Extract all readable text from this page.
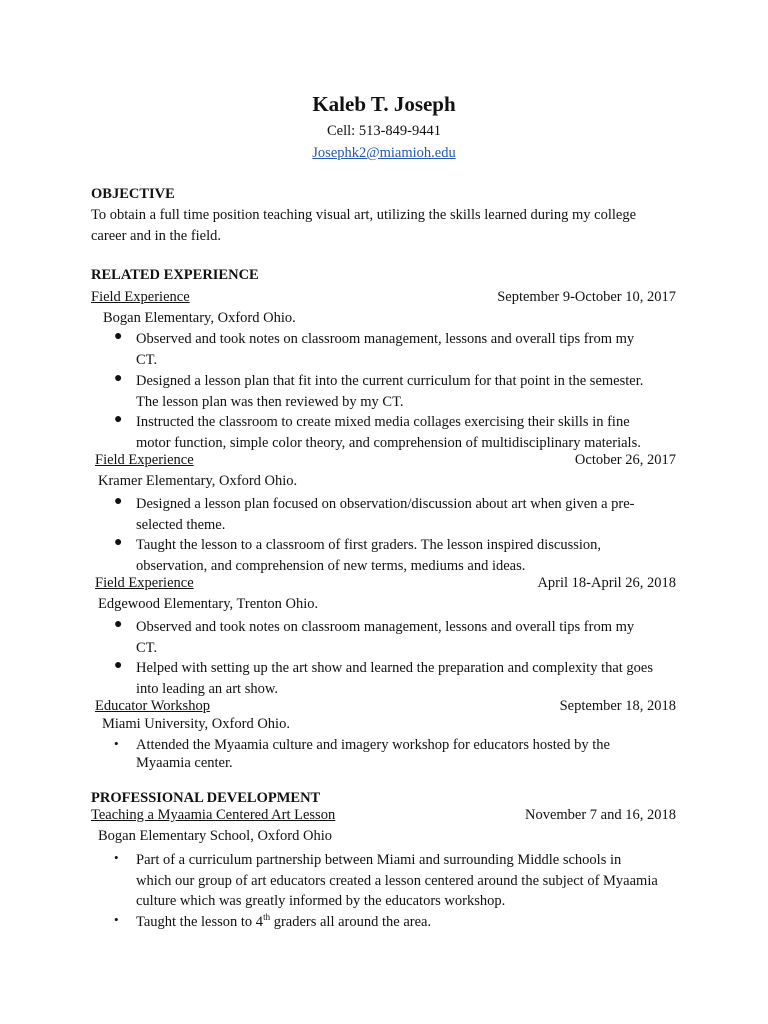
Kaleb T. Joseph
Cell: 513-849-9441
Josephk2@miamioh.edu
OBJECTIVE
To obtain a full time position teaching visual art, utilizing the skills learned during my college
career and in the field.
RELATED EXPERIENCE
Field Experience	September 9-October 10, 2017
Bogan Elementary, Oxford Ohio.
● Observed and took notes on classroom management, lessons and overall tips from my
CT.
● Designed a lesson plan that fit into the current curriculum for that point in the semester.
The lesson plan was then reviewed by my CT.
● Instructed the classroom to create mixed media collages exercising their skills in fine
motor function, simple color theory, and comprehension of multidisciplinary materials.
Field Experience	October 26, 2017
Kramer Elementary, Oxford Ohio.
● Designed a lesson plan focused on observation/discussion about art when given a pre-
selected theme.
● Taught the lesson to a classroom of first graders. The lesson inspired discussion,
observation, and comprehension of new terms, mediums and ideas.
Field Experience	April 18-April 26, 2018
Edgewood Elementary, Trenton Ohio.
● Observed and took notes on classroom management, lessons and overall tips from my
CT.
● Helped with setting up the art show and learned the preparation and complexity that goes
into leading an art show.
Educator Workshop	September 18, 2018
Miami University, Oxford Ohio.
•	Attended the Myaamia culture and imagery workshop for educators hosted by the
Myaamia center.
PROFESSIONAL DEVELOPMENT
Teaching a Myaamia Centered Art Lesson	November 7 and 16, 2018
Bogan Elementary School, Oxford Ohio
•	Part of a curriculum partnership between Miami and surrounding Middle schools in
which our group of art educators created a lesson centered around the subject of Myaamia
culture which was greatly informed by the educators workshop.
•	Taught the lesson to 4th graders all around the area.
